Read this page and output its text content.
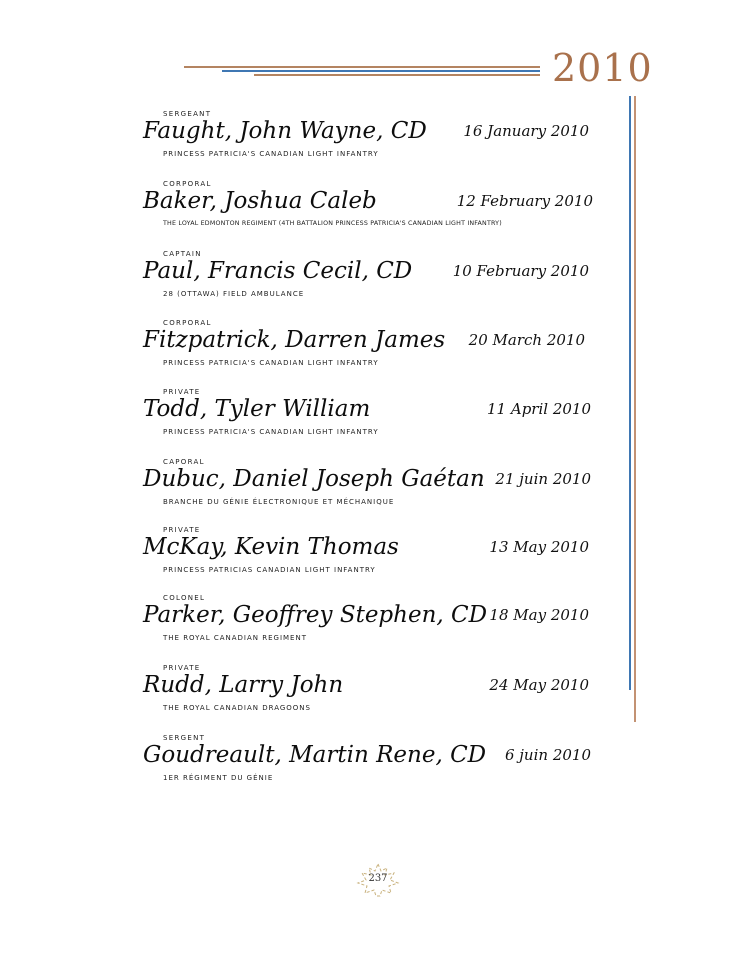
2010
SERGEANT
Faught, John Wayne, CD 16 January 2010
PRINCESS PATRICIA'S CANADIAN LIGHT INFANTRY
CORPORAL
Baker, Joshua Caleb	12 February 2010
THE LOYAL EDMONTON REGIMENT (4TH BATTALION PRINCESS PATRICIA'S CANADIAN LIGHT INFANTRY)
CAPTAIN
Paul, Francis Cecil, CD	10 February 2010
28 (OTTAWA) FIELD AMBULANCE
CORPORAL
Fitzpatrick, Darren James 20 March 2010
PRINCESS PATRICIA'S CANADIAN LIGHT INFANTRY
PRIVATE
Todd, Tyler William	11 April 2010
PRINCESS PATRICIA'S CANADIAN LIGHT INFANTRY
CAPORAL
Dubuc, Daniel Joseph Gaétan 21 juin 2010
BRANCHE DU GÉNIE ÉLECTRONIQUE ET MÉCHANIQUE
PRIVATE
McKay, Kevin Thomas	13 May 2010
PRINCESS PATRICIAS CANADIAN LIGHT INFANTRY
COLONEL
Parker, Geoffrey Stephen, CD 18 May 2010
THE ROYAL CANADIAN REGIMENT
PRIVATE
Rudd, Larry John	24 May 2010
THE ROYAL CANADIAN DRAGOONS
SERGENT
Goudreault, Martin Rene, CD 6 juin 2010
1ER RÉGIMENT DU GÉNIE
237
